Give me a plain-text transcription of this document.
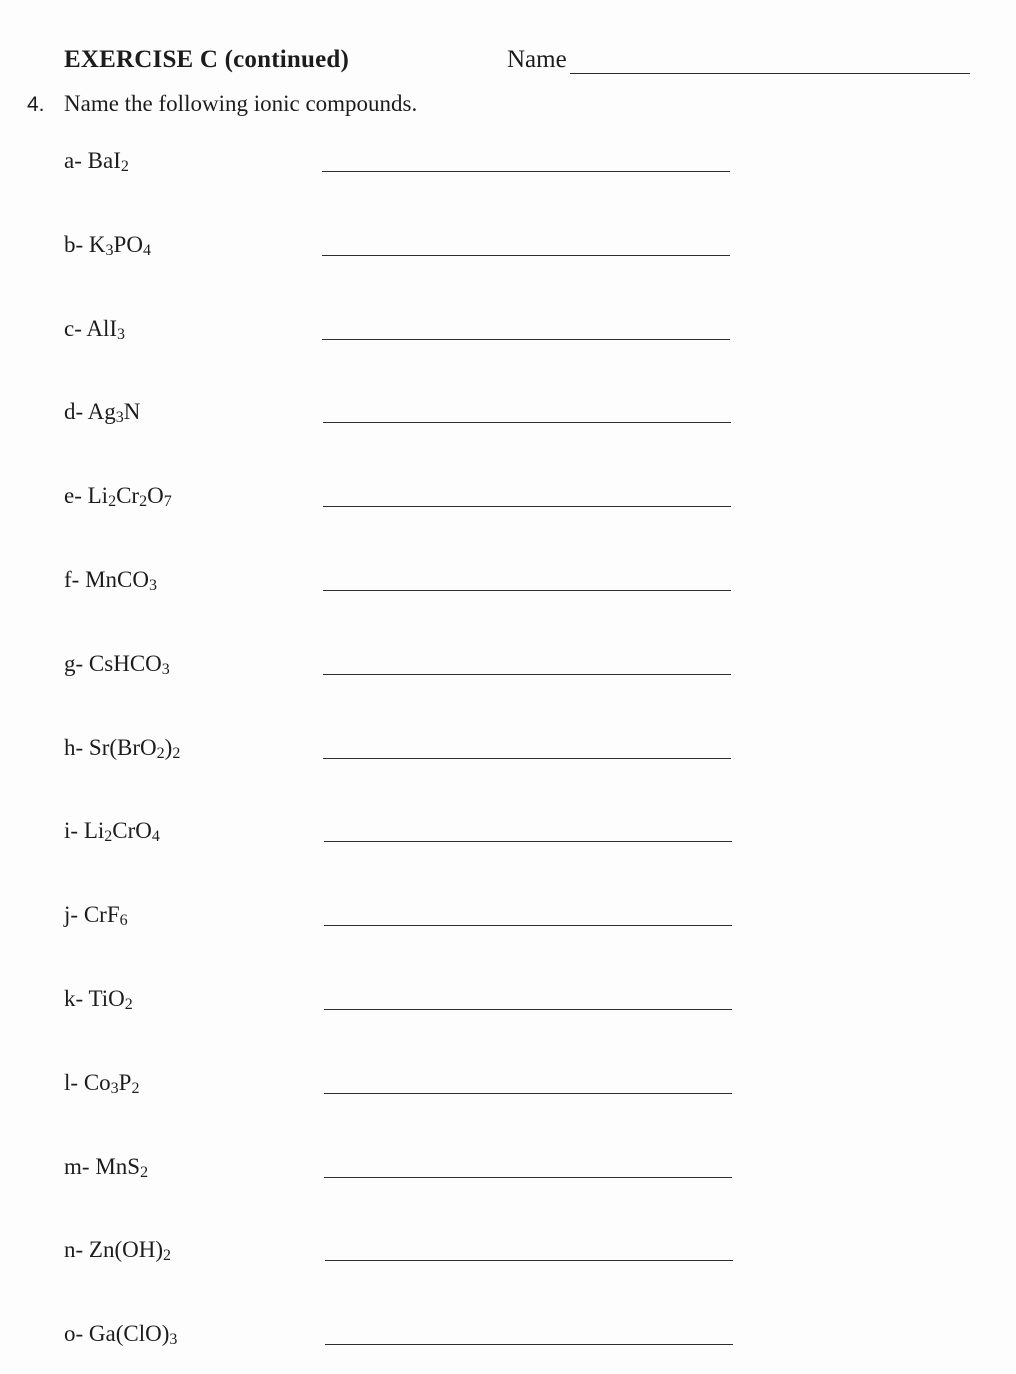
EXERCISE C (continued)	Name
4. Name the following ionic compounds.
a- BaI$_2$
b- $K_3PO_4$
c- AlI$_3$
d- $Ag_3N$
e- $Li_2Cr_2O_7$
f- MnCO$_3$
g- CsHCO$_3$
h- $Sr(BrO_2)_2$
i- $Li_2CrO_4$
j- CrF$_6$
k- TiO$_2$
l- $Co_3P_2$
m- MnS$_2$
n- $Zn(OH)_2$
o- $Ga(ClO)_3$
